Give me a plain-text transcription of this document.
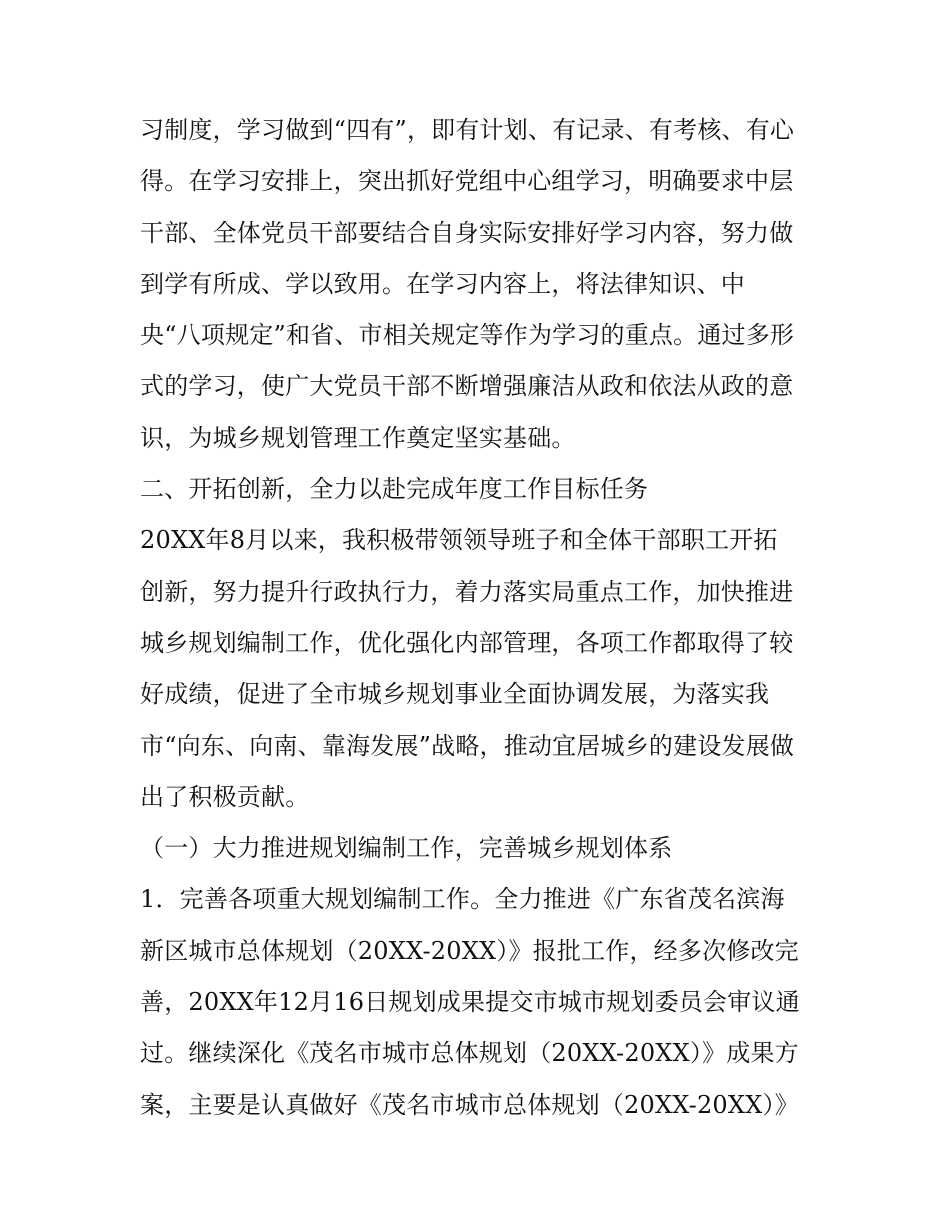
习制度，学习做到“四有”，即有计划、有记录、有考核、有心
得。在学习安排上，突出抓好党组中心组学习，明确要求中层
干部、全体党员干部要结合自身实际安排好学习内容，努力做
到学有所成、学以致用。在学习内容上，将法律知识、中
央“八项规定”和省、市相关规定等作为学习的重点。通过多形
式的学习，使广大党员干部不断增强廉洁从政和依法从政的意
识，为城乡规划管理工作奠定坚实基础。
二、开拓创新，全力以赴完成年度工作目标任务
20XX年8月以来，我积极带领领导班子和全体干部职工开拓
创新，努力提升行政执行力，着力落实局重点工作，加快推进
城乡规划编制工作，优化强化内部管理，各项工作都取得了较
好成绩，促进了全市城乡规划事业全面协调发展，为落实我
市“向东、向南、靠海发展”战略，推动宜居城乡的建设发展做
出了积极贡献。
（一）大力推进规划编制工作，完善城乡规划体系
1．完善各项重大规划编制工作。全力推进《广东省茂名滨海
新区城市总体规划（20XX-20XX）》报批工作，经多次修改完
善，20XX年12月16日规划成果提交市城市规划委员会审议通
过。继续深化《茂名市城市总体规划（20XX-20XX）》成果方
案，主要是认真做好《茂名市城市总体规划（20XX-20XX）》
